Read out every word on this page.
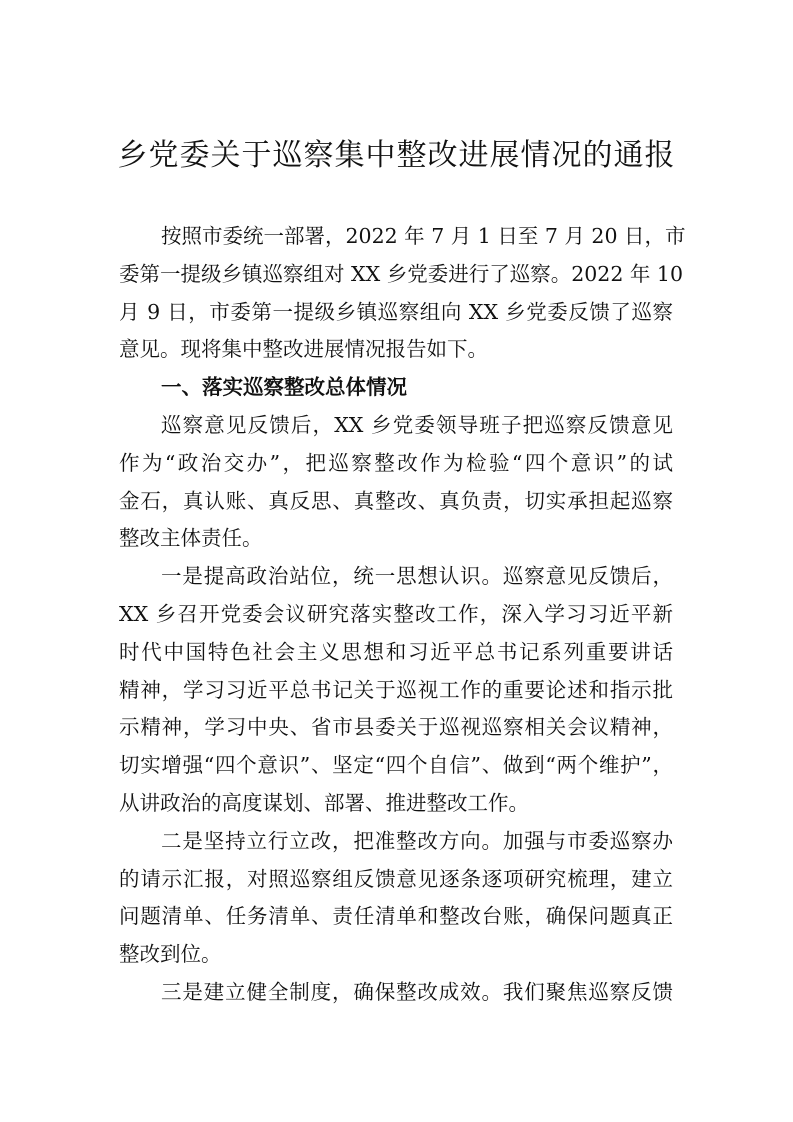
乡党委关于巡察集中整改进展情况的通报
按照市委统一部署，2022 年 7 月 1 日至 7 月 20 日，市
委第一提级乡镇巡察组对 XX 乡党委进行了巡察。2022 年 10
月 9 日，市委第一提级乡镇巡察组向 XX 乡党委反馈了巡察
意见。现将集中整改进展情况报告如下。
一、落实巡察整改总体情况
巡察意见反馈后，XX 乡党委领导班子把巡察反馈意见
作为“政治交办”，把巡察整改作为检验“四个意识”的试
金石，真认账、真反思、真整改、真负责，切实承担起巡察
整改主体责任。
一是提高政治站位，统一思想认识。巡察意见反馈后，
XX 乡召开党委会议研究落实整改工作，深入学习习近平新
时代中国特色社会主义思想和习近平总书记系列重要讲话
精神，学习习近平总书记关于巡视工作的重要论述和指示批
示精神，学习中央、省市县委关于巡视巡察相关会议精神，
切实增强“四个意识”、坚定“四个自信”、做到“两个维护”，
从讲政治的高度谋划、部署、推进整改工作。
二是坚持立行立改，把准整改方向。加强与市委巡察办
的请示汇报，对照巡察组反馈意见逐条逐项研究梳理，建立
问题清单、任务清单、责任清单和整改台账，确保问题真正
整改到位。
三是建立健全制度，确保整改成效。我们聚焦巡察反馈
